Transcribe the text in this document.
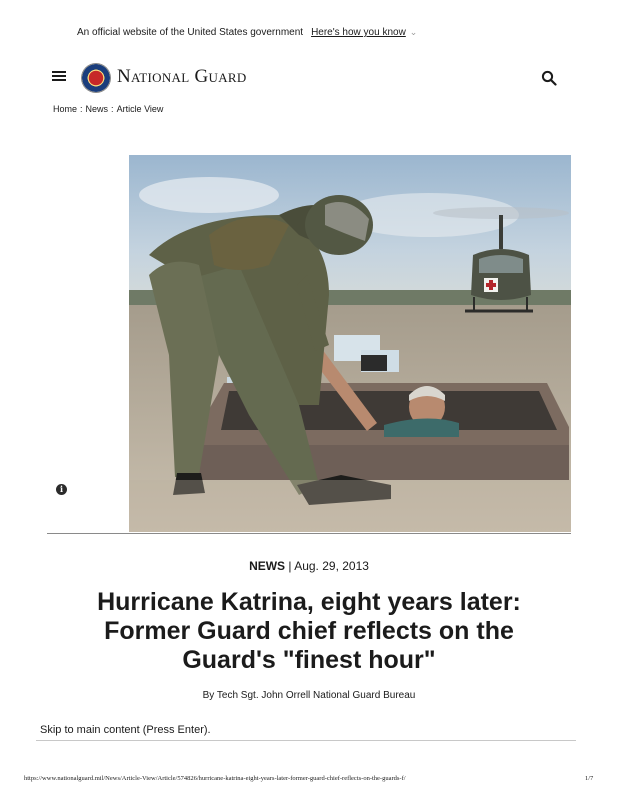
An official website of the United States government Here's how you know ⌄
National Guard
Home : News : Article View
i
NEWS | Aug. 29, 2013
Hurricane Katrina, eight years later: Former Guard chief reflects on the Guard's "finest hour"
By Tech Sgt. John Orrell National Guard Bureau
Skip to main content (Press Enter).
https://www.nationalguard.mil/News/Article-View/Article/574826/hurricane-katrina-eight-years-later-former-guard-chief-reflects-on-the-guards-f/	1/7
